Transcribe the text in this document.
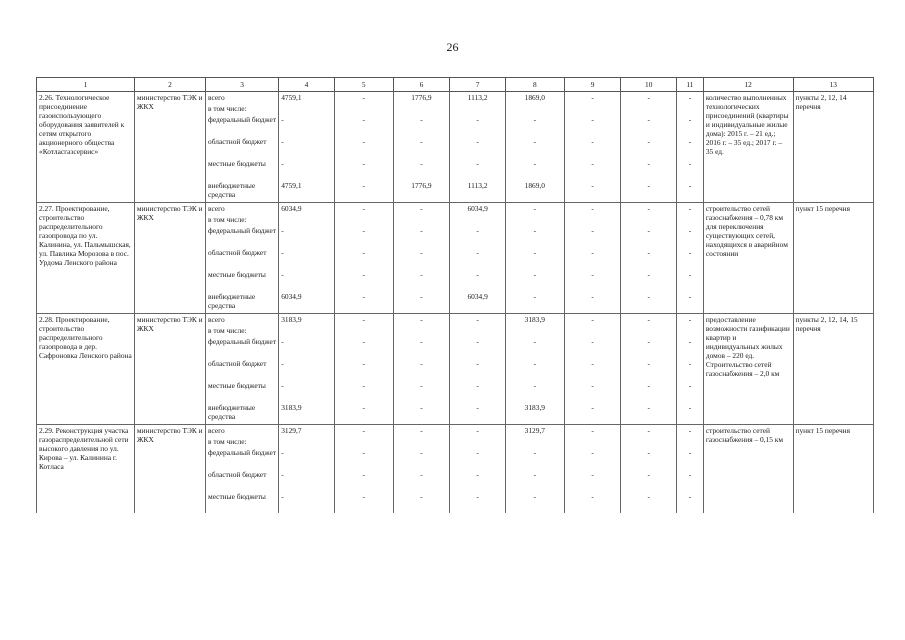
26
1	2	3	4	5	6	7	8	9	10	11	12	13
2.26. Технологическое присоединение газоиспользующего оборудования заявителей к сетям открытого акционерного общества «Котласгазсервис»	министерство ТЭК и ЖКХ	всего	4759,1	-	1776,9	1113,2	1869,0	-	-	-	количество выполненных технологических присоединений (квартиры и индивидуальные жилые дома): 2015 г. – 21 ед.; 2016 г. – 35 ед.; 2017 г. – 35 ед.	пункты 2, 12, 14 перечня
		в том числе:										
		федеральный бюджет	-	-	-	-	-	-	-	-		
		областной бюджет	-	-	-	-	-	-	-	-		
		местные бюджеты	-	-	-	-	-	-	-	-		
		внебюджетные средства	4759,1	-	1776,9	1113,2	1869,0	-	-	-		
2.27. Проектирование, строительство распределительного газопровода по ул. Калинина, ул. Пальмышская, ул. Павлика Морозова в пос. Урдома Ленского района	министерство ТЭК и ЖКХ	всего	6034,9	-	-	6034,9	-	-	-	-	строительство сетей газоснабжения – 0,78 км для переключения существующих сетей, находящихся в аварийном состоянии	пункт 15 перечня
		в том числе:										
		федеральный бюджет	-	-	-	-	-	-	-	-		
		областной бюджет	-	-	-	-	-	-	-	-		
		местные бюджеты	-	-	-	-	-	-	-	-		
		внебюджетные средства	6034,9	-	-	6034,9	-	-	-	-		
2.28. Проектирование, строительство распределительного газопровода в дер. Сафроновка Ленского района	министерство ТЭК и ЖКХ	всего	3183,9	-	-	-	3183,9	-	-	-	предоставление возможности газификации квартир и индивидуальных жилых домов – 220 ед. Строительство сетей газоснабжения – 2,0 км	пункты 2, 12, 14, 15 перечня
		в том числе:										
		федеральный бюджет	-	-	-	-	-	-	-	-		
		областной бюджет	-	-	-	-	-	-	-	-		
		местные бюджеты	-	-	-	-	-	-	-	-		
		внебюджетные средства	3183,9	-	-	-	3183,9	-	-	-		
2.29. Реконструкция участка газораспределительной сети высокого давления по ул. Кирова – ул. Калинина г. Котласа	министерство ТЭК и ЖКХ	всего	3129,7	-	-	-	3129,7	-	-	-	строительство сетей газоснабжения – 0,15 км	пункт 15 перечня
		в том числе:										
		федеральный бюджет	-	-	-	-	-	-	-	-		
		областной бюджет	-	-	-	-	-	-	-	-		
		местные бюджеты	-	-	-	-	-	-	-	-		
